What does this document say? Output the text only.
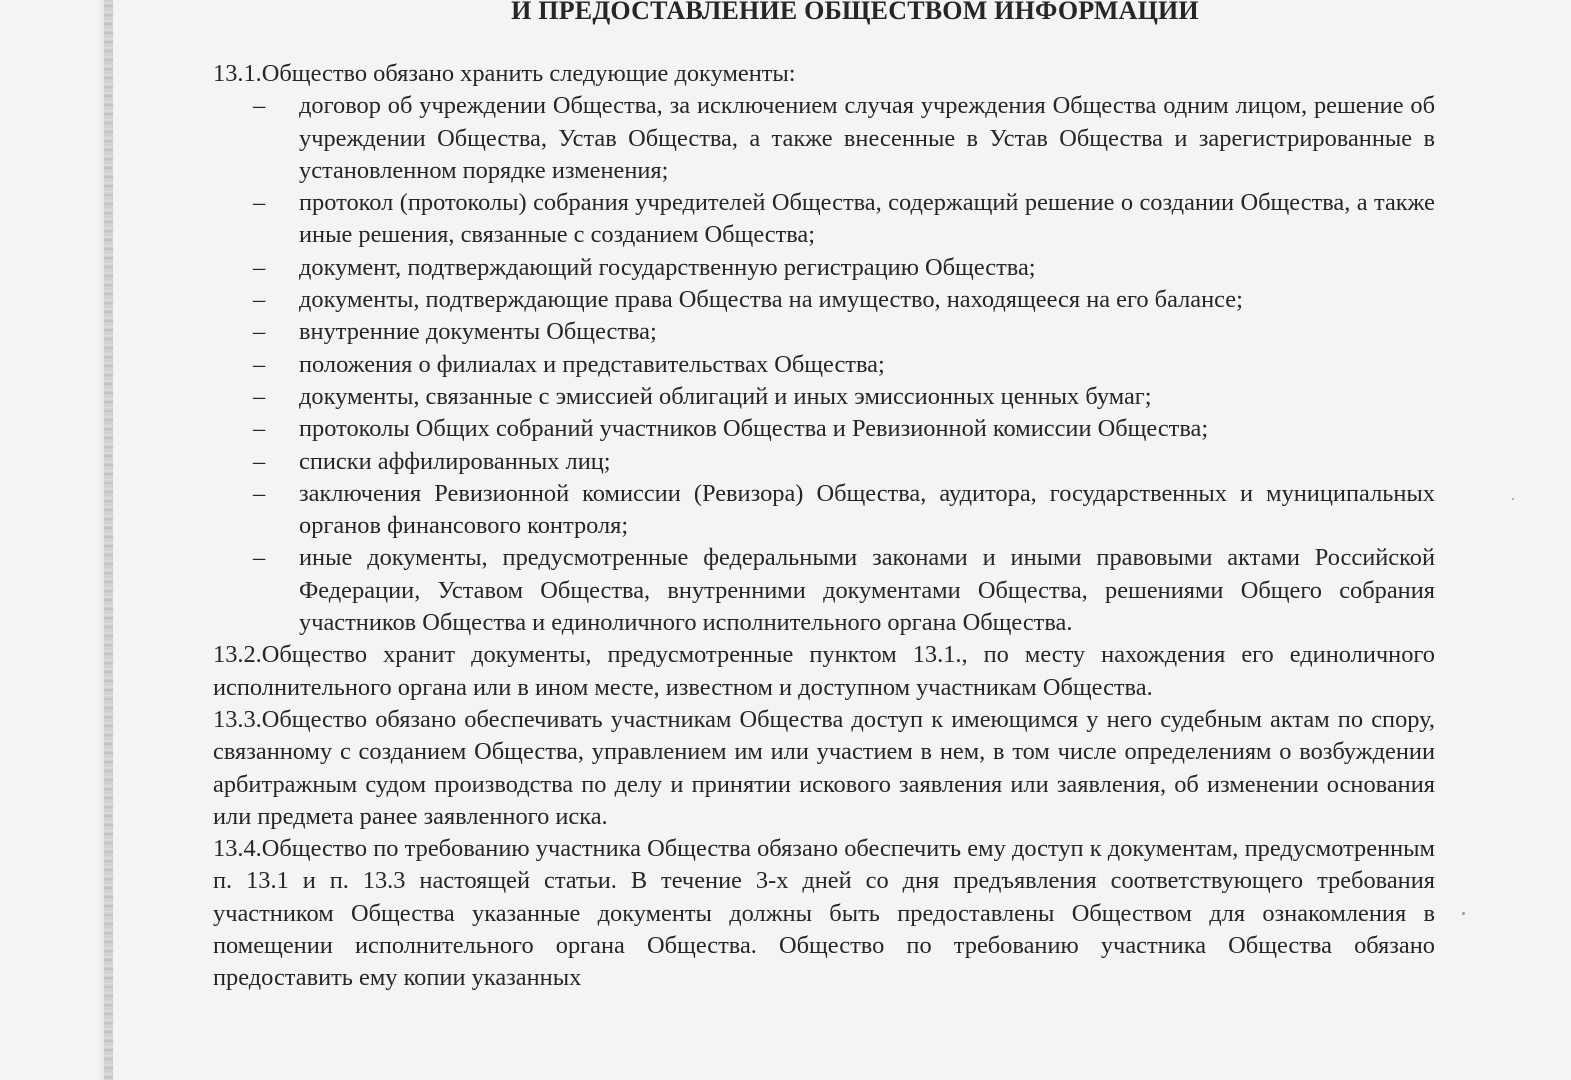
И ПРЕДОСТАВЛЕНИЕ ОБЩЕСТВОМ ИНФОРМАЦИИ

13.1.Общество обязано хранить следующие документы:

– договор об учреждении Общества, за исключением случая учреждения Общества одним лицом, решение об учреждении Общества, Устав Общества, а также внесенные в Устав Общества и зарегистрированные в установленном порядке изменения;
– протокол (протоколы) собрания учредителей Общества, содержащий решение о создании Общества, а также иные решения, связанные с созданием Общества;
– документ, подтверждающий государственную регистрацию Общества;
– документы, подтверждающие права Общества на имущество, находящееся на его балансе;
– внутренние документы Общества;
– положения о филиалах и представительствах Общества;
– документы, связанные с эмиссией облигаций и иных эмиссионных ценных бумаг;
– протоколы Общих собраний участников Общества и Ревизионной комиссии Общества;
– списки аффилированных лиц;
– заключения Ревизионной комиссии (Ревизора) Общества, аудитора, государственных и муниципальных органов финансового контроля;
– иные документы, предусмотренные федеральными законами и иными правовыми актами Российской Федерации, Уставом Общества, внутренними документами Общества, решениями Общего собрания участников Общества и единоличного исполнительного органа Общества.

13.2.Общество хранит документы, предусмотренные пунктом 13.1., по месту нахождения его единоличного исполнительного органа или в ином месте, известном и доступном участникам Общества.

13.3.Общество обязано обеспечивать участникам Общества доступ к имеющимся у него судебным актам по спору, связанному с созданием Общества, управлением им или участием в нем, в том числе определениям о возбуждении арбитражным судом производства по делу и принятии искового заявления или заявления, об изменении основания или предмета ранее заявленного иска.

13.4.Общество по требованию участника Общества обязано обеспечить ему доступ к документам, предусмотренным п. 13.1 и п. 13.3 настоящей статьи. В течение 3-х дней со дня предъявления соответствующего требования участником Общества указанные документы должны быть предоставлены Обществом для ознакомления в помещении исполнительного органа Общества. Общество по требованию участника Общества обязано предоставить ему копии указанных
